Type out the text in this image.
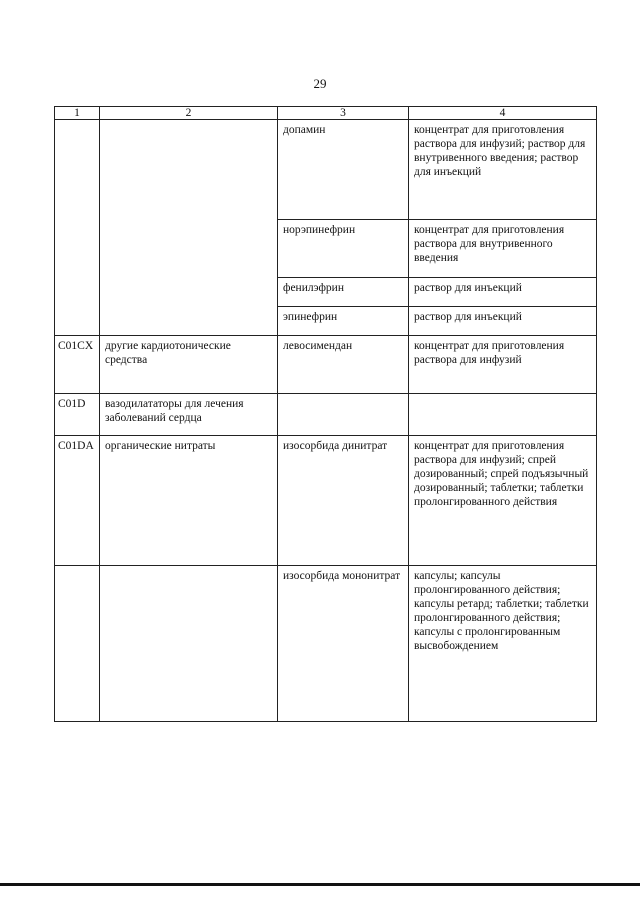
29
1	2	3	4
		допамин	концентрат для приготовления раствора для инфузий; раствор для внутривенного введения; раствор для инъекций
		норэпинефрин	концентрат для приготовления раствора для внутривенного введения
		фенилэфрин	раствор для инъекций
		эпинефрин	раствор для инъекций
C01CX	другие кардиотонические средства	левосимендан	концентрат для приготовления раствора для инфузий
C01D	вазодилататоры для лечения заболеваний сердца		
C01DA	органические нитраты	изосорбида динитрат	концентрат для приготовления раствора для инфузий; спрей дозированный; спрей подъязычный дозированный; таблетки; таблетки пролонгированного действия
		изосорбида мононитрат	капсулы; капсулы пролонгированного действия; капсулы ретард; таблетки; таблетки пролонгированного действия; капсулы с пролонгированным высвобождением
